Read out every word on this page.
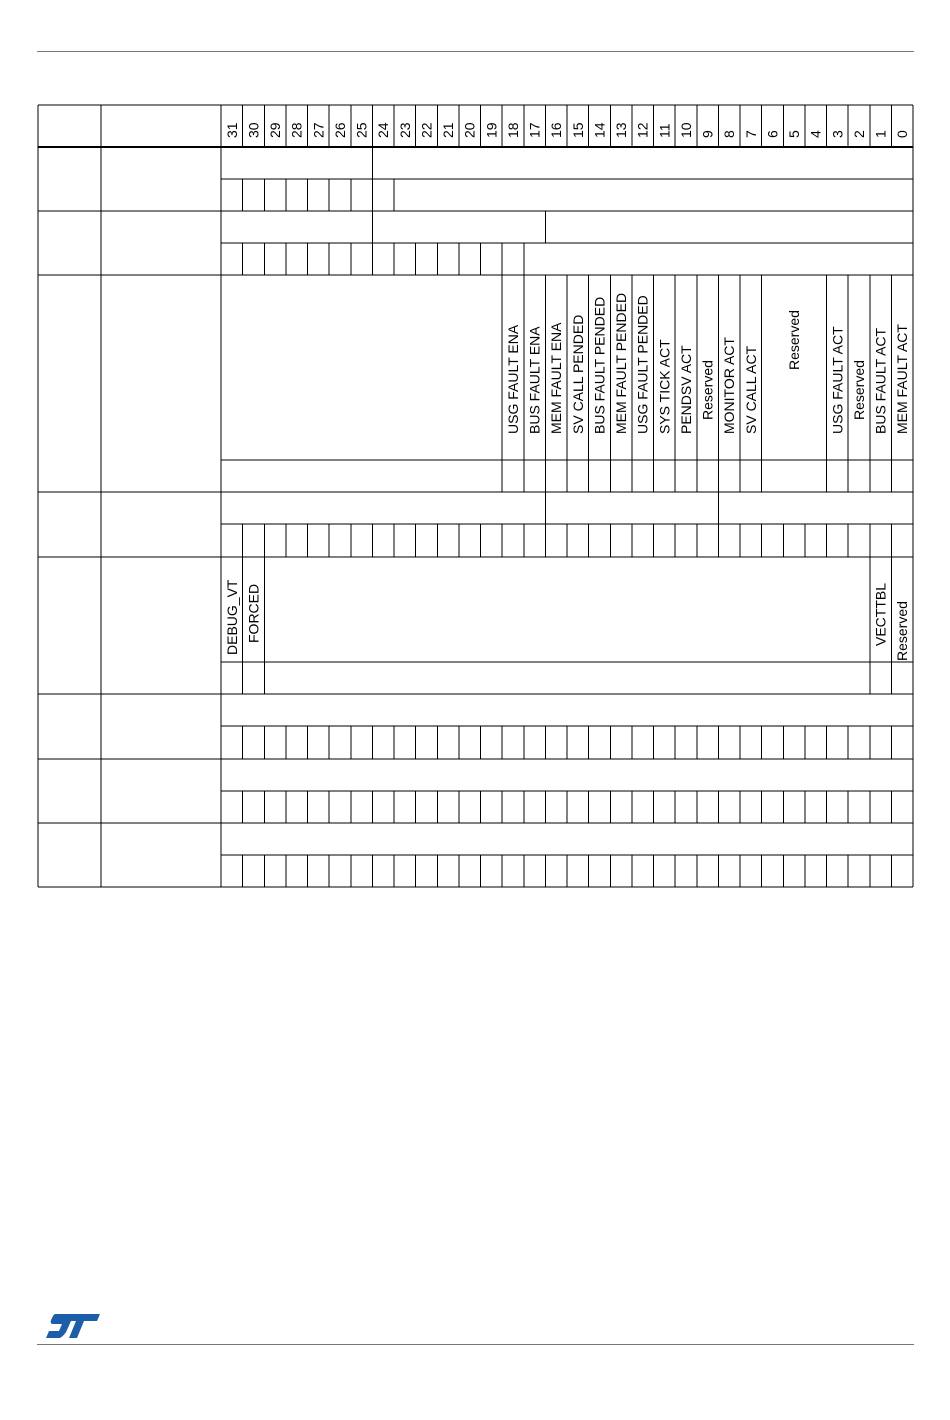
31 30 29 28 27 26 25 24 23 22 21 20 19 18 17 16 15 14 13 12 11 10 9 8 7 6 5 4 3 2 1 0
USG FAULT ENA BUS FAULT ENA MEM FAULT ENA SV CALL PENDED BUS FAULT PENDED MEM FAULT PENDED USG FAULT PENDED SYS TICK ACT PENDSV ACT Reserved MONITOR ACT SV CALL ACT
Reserved USG FAULT ACT Reserved BUS FAULT ACT MEM FAULT ACT
DEBUG_VT FORCED	VECTTBL Reserved
